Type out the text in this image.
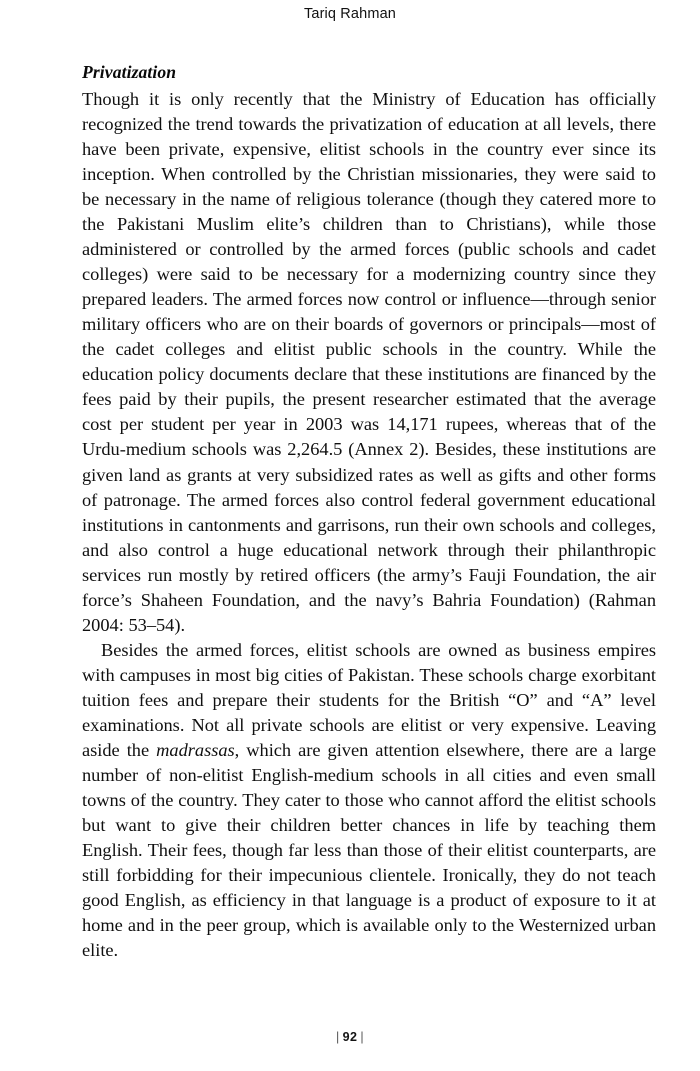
Tariq Rahman
Privatization

Though it is only recently that the Ministry of Education has officially recognized the trend towards the privatization of education at all levels, there have been private, expensive, elitist schools in the country ever since its inception. When controlled by the Christian missionaries, they were said to be necessary in the name of religious tolerance (though they catered more to the Pakistani Muslim elite’s children than to Christians), while those administered or controlled by the armed forces (public schools and cadet colleges) were said to be necessary for a modernizing country since they prepared leaders. The armed forces now control or influence—through senior military officers who are on their boards of governors or principals—most of the cadet colleges and elitist public schools in the country. While the education policy documents declare that these institutions are financed by the fees paid by their pupils, the present researcher estimated that the average cost per student per year in 2003 was 14,171 rupees, whereas that of the Urdu-medium schools was 2,264.5 (Annex 2). Besides, these institutions are given land as grants at very subsidized rates as well as gifts and other forms of patronage. The armed forces also control federal government educational institutions in cantonments and garrisons, run their own schools and colleges, and also control a huge educational network through their philanthropic services run mostly by retired officers (the army’s Fauji Foundation, the air force’s Shaheen Foundation, and the navy’s Bahria Foundation) (Rahman 2004: 53–54).

Besides the armed forces, elitist schools are owned as business empires with campuses in most big cities of Pakistan. These schools charge exorbitant tuition fees and prepare their students for the British “O” and “A” level examinations. Not all private schools are elitist or very expensive. Leaving aside the madrassas, which are given attention elsewhere, there are a large number of non-elitist English-medium schools in all cities and even small towns of the country. They cater to those who cannot afford the elitist schools but want to give their children better chances in life by teaching them English. Their fees, though far less than those of their elitist counterparts, are still forbidding for their impecunious clientele. Ironically, they do not teach good English, as efficiency in that language is a product of exposure to it at home and in the peer group, which is available only to the Westernized urban elite.

| 92 |
